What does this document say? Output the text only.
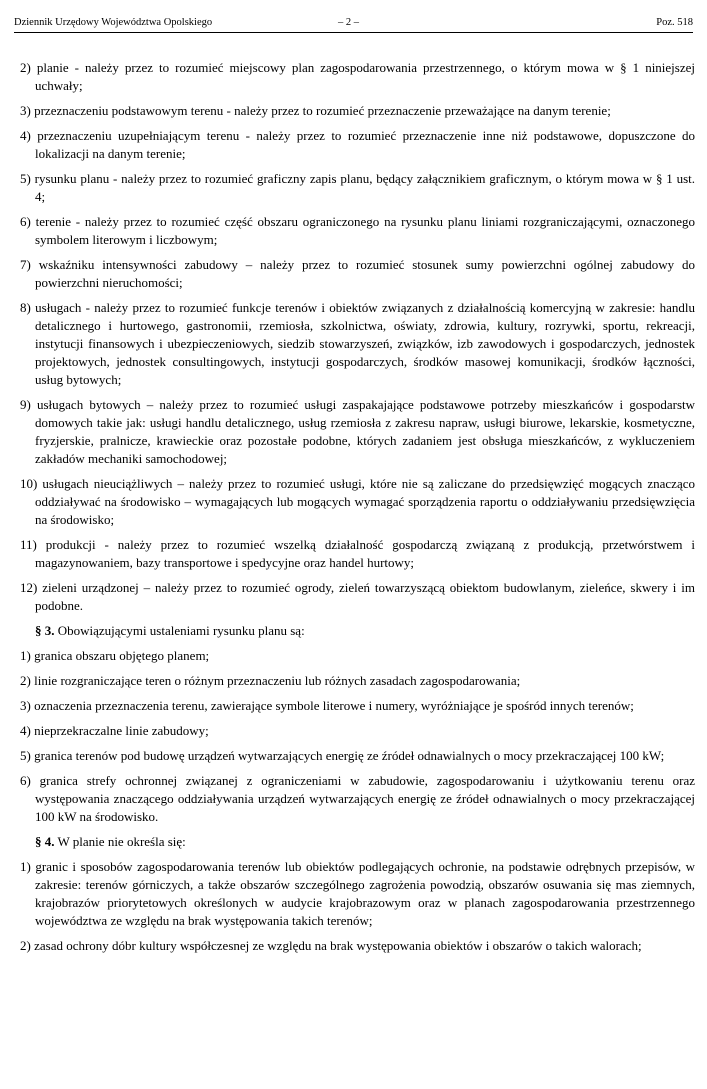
Dziennik Urzędowy Województwa Opolskiego	– 2 –	Poz. 518

2) planie - należy przez to rozumieć miejscowy plan zagospodarowania przestrzennego, o którym mowa w § 1 niniejszej uchwały;

3) przeznaczeniu podstawowym terenu - należy przez to rozumieć przeznaczenie przeważające na danym terenie;

4) przeznaczeniu uzupełniającym terenu - należy przez to rozumieć przeznaczenie inne niż podstawowe, dopuszczone do lokalizacji na danym terenie;

5) rysunku planu - należy przez to rozumieć graficzny zapis planu, będący załącznikiem graficznym, o którym mowa w § 1 ust. 4;

6) terenie - należy przez to rozumieć część obszaru ograniczonego na rysunku planu liniami rozgraniczającymi, oznaczonego symbolem literowym i liczbowym;

7) wskaźniku intensywności zabudowy – należy przez to rozumieć stosunek sumy powierzchni ogólnej zabudowy do powierzchni nieruchomości;

8) usługach - należy przez to rozumieć funkcje terenów i obiektów związanych z działalnością komercyjną w zakresie: handlu detalicznego i hurtowego, gastronomii, rzemiosła, szkolnictwa, oświaty, zdrowia, kultury, rozrywki, sportu, rekreacji, instytucji finansowych i ubezpieczeniowych, siedzib stowarzyszeń, związków, izb zawodowych i gospodarczych, jednostek projektowych, jednostek consultingowych, instytucji gospodarczych, środków masowej komunikacji, środków łączności, usług bytowych;

9) usługach bytowych – należy przez to rozumieć usługi zaspakajające podstawowe potrzeby mieszkańców i gospodarstw domowych takie jak: usługi handlu detalicznego, usług rzemiosła z zakresu napraw, usługi biurowe, lekarskie, kosmetyczne, fryzjerskie, pralnicze, krawieckie oraz pozostałe podobne, których zadaniem jest obsługa mieszkańców, z wykluczeniem zakładów mechaniki samochodowej;

10) usługach nieuciążliwych – należy przez to rozumieć usługi, które nie są zaliczane do przedsięwzięć mogących znacząco oddziaływać na środowisko – wymagających lub mogących wymagać sporządzenia raportu o oddziaływaniu przedsięwzięcia na środowisko;

11) produkcji - należy przez to rozumieć wszelką działalność gospodarczą związaną z produkcją, przetwórstwem i magazynowaniem, bazy transportowe i spedycyjne oraz handel hurtowy;

12) zieleni urządzonej – należy przez to rozumieć ogrody, zieleń towarzyszącą obiektom budowlanym, zieleńce, skwery i im podobne.

§ 3. Obowiązującymi ustaleniami rysunku planu są:

1) granica obszaru objętego planem;

2) linie rozgraniczające teren o różnym przeznaczeniu lub różnych zasadach zagospodarowania;

3) oznaczenia przeznaczenia terenu, zawierające symbole literowe i numery, wyróżniające je spośród innych terenów;

4) nieprzekraczalne linie zabudowy;

5) granica terenów pod budowę urządzeń wytwarzających energię ze źródeł odnawialnych o mocy przekraczającej 100 kW;

6) granica strefy ochronnej związanej z ograniczeniami w zabudowie, zagospodarowaniu i użytkowaniu terenu oraz występowania znaczącego oddziaływania urządzeń wytwarzających energię ze źródeł odnawialnych o mocy przekraczającej 100 kW na środowisko.

§ 4. W planie nie określa się:

1) granic i sposobów zagospodarowania terenów lub obiektów podlegających ochronie, na podstawie odrębnych przepisów, w zakresie: terenów górniczych, a także obszarów szczególnego zagrożenia powodzią, obszarów osuwania się mas ziemnych, krajobrazów priorytetowych określonych w audycie krajobrazowym oraz w planach zagospodarowania przestrzennego województwa ze względu na brak występowania takich terenów;

2) zasad ochrony dóbr kultury współczesnej ze względu na brak występowania obiektów i obszarów o takich walorach;
